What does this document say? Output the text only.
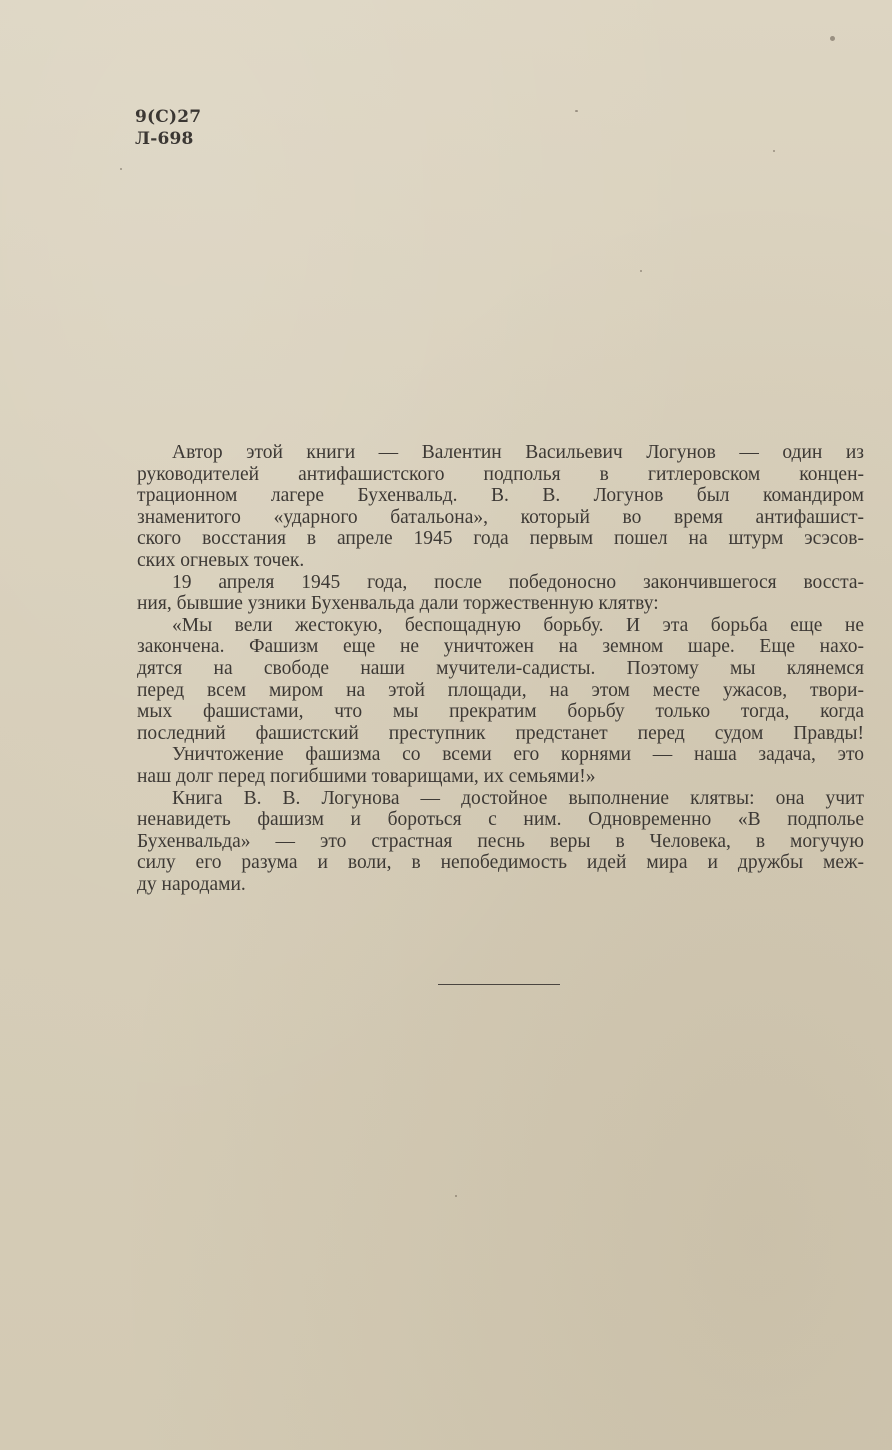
9(С)27
Л-698
Автор этой книги — Валентин Васильевич Логунов — один из
руководителей антифашистского подполья в гитлеровском концен-
трационном лагере Бухенвальд. В. В. Логунов был командиром
знаменитого «ударного батальона», который во время антифашист-
ского восстания в апреле 1945 года первым пошел на штурм эсэсов-
ских огневых точек.
19 апреля 1945 года, после победоносно закончившегося восста-
ния, бывшие узники Бухенвальда дали торжественную клятву:
«Мы вели жестокую, беспощадную борьбу. И эта борьба еще не
закончена. Фашизм еще не уничтожен на земном шаре. Еще нахо-
дятся на свободе наши мучители-садисты. Поэтому мы клянемся
перед всем миром на этой площади, на этом месте ужасов, твори-
мых фашистами, что мы прекратим борьбу только тогда, когда
последний фашистский преступник предстанет перед судом Правды!
Уничтожение фашизма со всеми его корнями — наша задача, это
наш долг перед погибшими товарищами, их семьями!»
Книга В. В. Логунова — достойное выполнение клятвы: она учит
ненавидеть фашизм и бороться с ним. Одновременно «В подполье
Бухенвальда» — это страстная песнь веры в Человека, в могучую
силу его разума и воли, в непобедимость идей мира и дружбы меж-
ду народами.
